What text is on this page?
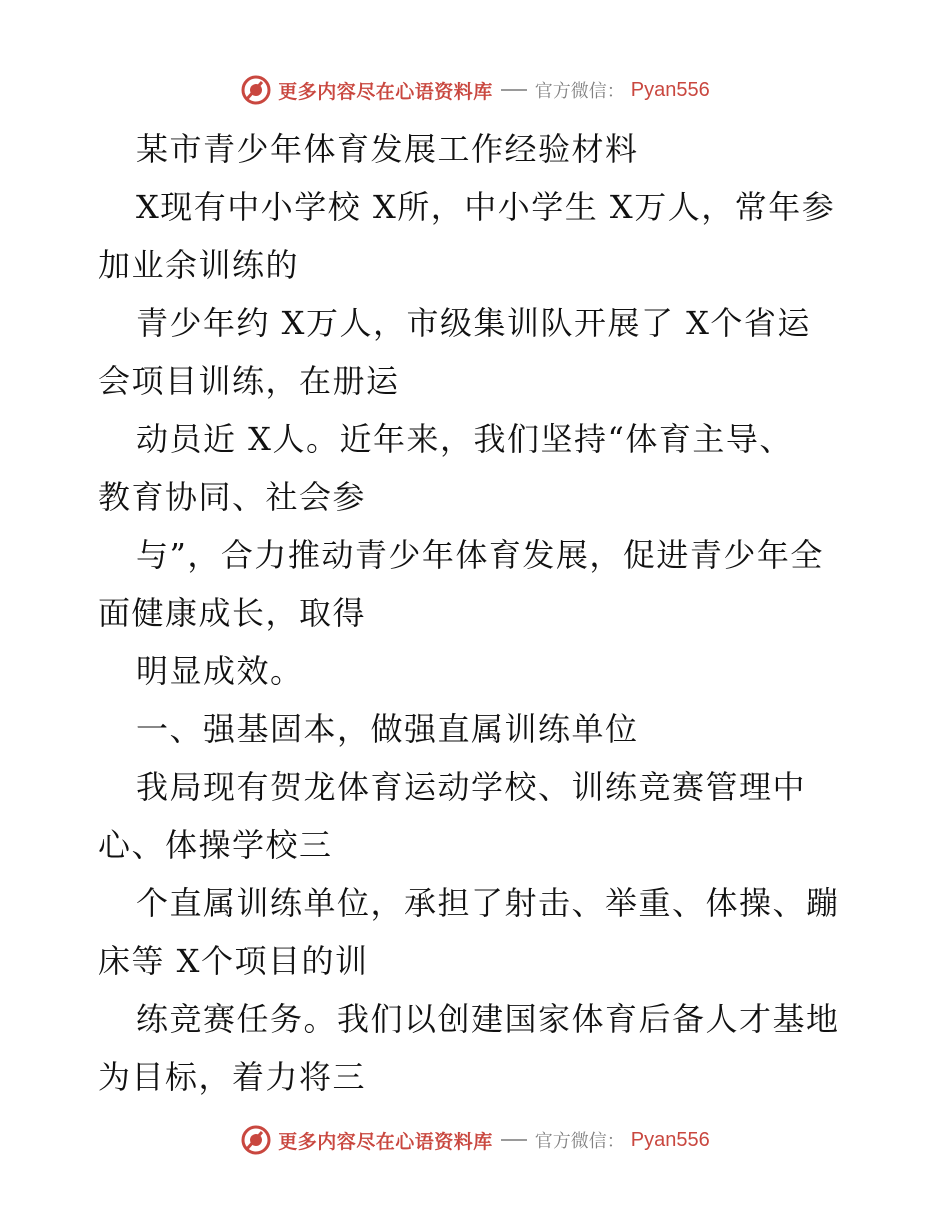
更多内容尽在心语资料库 官方微信： Pyan556
某市青少年体育发展工作经验材料
X现有中小学校 X所，中小学生 X万人，常年参
加业余训练的
青少年约 X万人，市级集训队开展了 X个省运
会项目训练，在册运
动员近 X人。近年来，我们坚持“体育主导、
教育协同、社会参
与”，合力推动青少年体育发展，促进青少年全
面健康成长，取得
明显成效。
一、强基固本，做强直属训练单位
我局现有贺龙体育运动学校、训练竞赛管理中
心、体操学校三
个直属训练单位，承担了射击、举重、体操、蹦
床等 X个项目的训
练竞赛任务。我们以创建国家体育后备人才基地
为目标，着力将三
更多内容尽在心语资料库 官方微信： Pyan556
